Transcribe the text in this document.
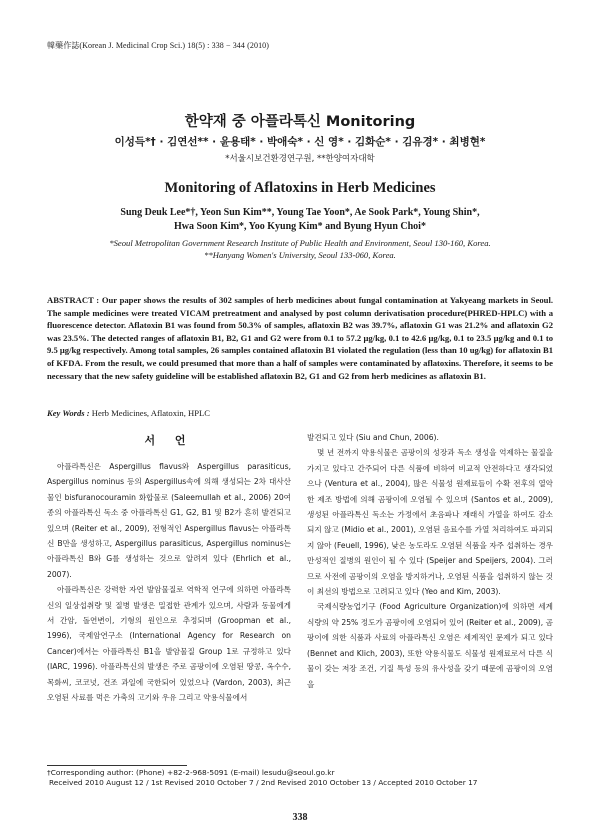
韓藥作誌(Korean J. Medicinal Crop Sci.) 18(5) : 338 − 344 (2010)
한약재 중 아플라톡신 Monitoring
이성득*† · 김연선** · 윤용태* · 박애숙* · 신 영* · 김화순* · 김유경* · 최병현*
*서울시보건환경연구원, **한양여자대학
Monitoring of Aflatoxins in Herb Medicines
Sung Deuk Lee*†, Yeon Sun Kim**, Young Tae Yoon*, Ae Sook Park*, Young Shin*,
Hwa Soon Kim*, Yoo Kyung Kim* and Byung Hyun Choi*
*Seoul Metropolitan Government Research Institute of Public Health and Environment, Seoul 130-160, Korea.
**Hanyang Women's University, Seoul 133-060, Korea.
ABSTRACT : Our paper shows the results of 302 samples of herb medicines about fungal contamination at Yakyeang markets in Seoul. The sample medicines were treated VICAM pretreatment and analysed by post column derivatisation procedure(PHRED-HPLC) with a fluorescence detector. Aflatoxin B1 was found from 50.3% of samples, aflatoxin B2 was 39.7%, aflatoxin G1 was 21.2% and aflatoxin G2 was 23.5%. The detected ranges of aflatoxin B1, B2, G1 and G2 were from 0.1 to 57.2 μg/kg, 0.1 to 42.6 μg/kg, 0.1 to 23.5 μg/kg and 0.1 to 9.5 μg/kg respectively. Among total samples, 26 samples contained aflatoxin B1 violated the regulation (less than 10 ug/kg) for aflatoxin B1 of KFDA. From the result, we could presumed that more than a half of samples were contaminated by aflatoxins. Therefore, it seems to be necessary that the new safety guideline will be established aflatoxin B2, G1 and G2 from herb medicines as aflatoxin B1.
Key Words : Herb Medicines, Aflatoxin, HPLC
서 언

아플라톡신은 Aspergillus flavus와 Aspergillus parasiticus, Aspergillus nominus 등의 Aspergillus속에 의해 생성되는 2차 대사산물인 bisfuranocouramin 화합물로 (Saleemullah et al., 2006) 20여 종의 아플라톡신 독소 중 아플라톡신 G1, G2, B1 및 B2가 흔히 발견되고 있으며 (Reiter et al., 2009), 전형적인 Aspergillus flavus는 아플라톡신 B만을 생성하고, Aspergillus parasiticus, Aspergillus nominus는 아플라톡신 B와 G를 생성하는 것으로 알려져 있다 (Ehrlich et al., 2007).

아플라톡신은 강력한 자연 발암물질로 역학적 연구에 의하면 아플라톡신의 일상섭취량 및 질병 발생은 밀접한 관계가 있으며, 사람과 동물에게서 간암, 돌연변이, 기형의 원인으로 추정되며 (Groopman et al., 1996), 국제암연구소 (International Agency for Research on Cancer)에서는 아플라톡신 B1을 발암물질 Group 1로 규정하고 있다 (IARC, 1996). 아플라톡신의 발생은 주로 곰팡이에 오염된 땅콩, 옥수수, 목화씨, 코코넛, 건조 과일에 국한되어 있었으나 (Vardon, 2003), 최근 오염된 사료를 먹은 가축의 고기와 우유 그리고 약용식물에서

발견되고 있다 (Siu and Chun, 2006).

몇 년 전까지 약용식물은 곰팡이의 성장과 독소 생성을 억제하는 물질을 가지고 있다고 간주되어 다른 식품에 비하여 비교적 안전하다고 생각되었으나 (Ventura et al., 2004), 많은 식물성 원재료들이 수확 전후의 열악한 제조 방법에 의해 곰팡이에 오염될 수 있으며 (Santos et al., 2009), 생성된 아플라톡신 독소는 가정에서 초음파나 재래식 가열을 하여도 감소되지 않고 (Midio et al., 2001), 오염된 음료수를 가열 처리하여도 파괴되지 않아 (Feuell, 1996), 낮은 농도라도 오염된 식품을 자주 섭취하는 경우 만성적인 질병의 원인이 될 수 있다 (Speijer and Speijers, 2004). 그러므로 사전에 곰팡이의 오염을 방지하거나, 오염된 식품을 섭취하지 않는 것이 최선의 방법으로 고려되고 있다 (Yeo and Kim, 2003).

국제식량농업기구 (Food Agriculture Organization)에 의하면 세계 식량의 약 25% 정도가 곰팡이에 오염되어 있어 (Reiter et al., 2009), 곰팡이에 의한 식품과 사료의 아플라톡신 오염은 세계적인 문제가 되고 있다 (Bennet and Klich, 2003), 또한 약용식물도 식물성 원재료로서 다른 식물이 갖는 저장 조건, 기질 특성 등의 유사성을 갖기 때문에 곰팡이의 오염을

†Corresponding author: (Phone) +82-2-968-5091 (E-mail) lesudu@seoul.go.kr
Received 2010 August 12 / 1st Revised 2010 October 7 / 2nd Revised 2010 October 13 / Accepted 2010 October 17
338
